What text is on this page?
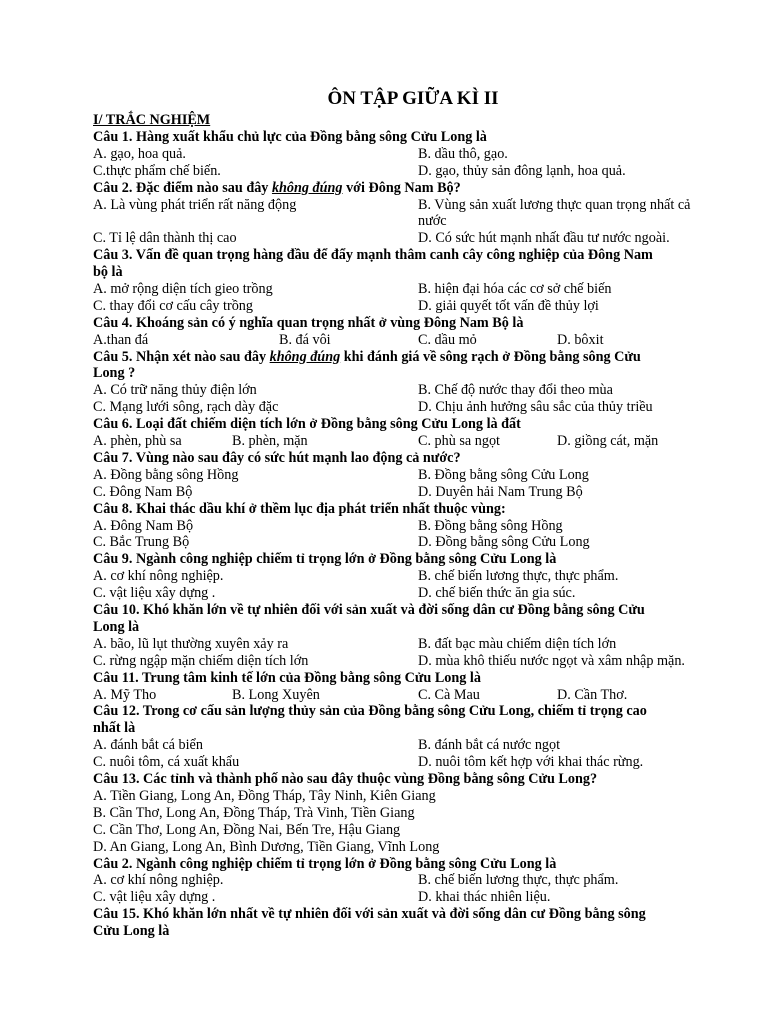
ÔN TẬP GIỮA KÌ II
I/ TRẮC NGHIỆM
Câu 1. Hàng xuất khẩu chủ lực của Đồng bằng sông Cửu Long là
A. gạo, hoa quả.	B. dầu thô, gạo.
C.thực phẩm chế biến.	D. gạo, thủy sản đông lạnh, hoa quả.
Câu 2. Đặc điểm nào sau đây không đúng với Đông Nam Bộ?
A. Là vùng phát triển rất năng động	B. Vùng sản xuất lương thực quan trọng nhất cả nước
C. Tỉ lệ dân thành thị cao	D. Có sức hút mạnh nhất đầu tư nước ngoài.
Câu 3. Vấn đề quan trọng hàng đầu để đẩy mạnh thâm canh cây công nghiệp của Đông Nam
bộ là
A. mở rộng diện tích gieo trồng	B. hiện đại hóa các cơ sở chế biến
C. thay đổi cơ cấu cây trồng	D. giải quyết tốt vấn đề thủy lợi
Câu 4. Khoáng sản có ý nghĩa quan trọng nhất ở vùng Đông Nam Bộ là
A.than đá	B. đá vôi	C. dầu mỏ	D. bôxit
Câu 5. Nhận xét nào sau đây không đúng khi đánh giá về sông rạch ở Đồng bằng sông Cửu
Long ?
A. Có trữ năng thủy điện lớn	B. Chế độ nước thay đổi theo mùa
C. Mạng lưới sông, rạch dày đặc	D. Chịu ảnh hưởng sâu sắc của thủy triều
Câu 6. Loại đất chiếm diện tích lớn ở Đồng bằng sông Cửu Long là đất
A. phèn, phù sa	B. phèn, mặn	C. phù sa ngọt	D. giồng cát, mặn
Câu 7. Vùng nào sau đây có sức hút mạnh lao động cả nước?
A. Đồng bằng sông Hồng	B. Đồng bằng sông Cửu Long
C. Đông Nam Bộ	D. Duyên hải Nam Trung Bộ
Câu 8. Khai thác dầu khí ở thềm lục địa phát triển nhất thuộc vùng:
A. Đông Nam Bộ	B. Đồng bằng sông Hồng
C. Bắc Trung Bộ	D. Đồng bằng sông Cửu Long
Câu 9. Ngành công nghiệp chiếm tỉ trọng lớn ở Đồng bằng sông Cửu Long là
A. cơ khí nông nghiệp.	B. chế biến lương thực, thực phẩm.
C. vật liệu xây dựng .	D. chế biến thức ăn gia súc.
Câu 10. Khó khăn lớn về tự nhiên đối với sản xuất và đời sống dân cư Đồng bằng sông Cửu
Long là
A. bão, lũ lụt thường xuyên xảy ra	B. đất bạc màu chiếm diện tích lớn
C. rừng ngập mặn chiếm diện tích lớn	D. mùa khô thiếu nước ngọt và xâm nhập mặn.
Câu 11. Trung tâm kinh tế lớn của Đồng bằng sông Cửu Long là
A. Mỹ Tho	B. Long Xuyên	C. Cà Mau	D. Cần Thơ.
Câu 12. Trong cơ cấu sản lượng thủy sản của Đồng bằng sông Cửu Long, chiếm tỉ trọng cao
nhất là
A. đánh bắt cá biển	B. đánh bắt cá nước ngọt
C. nuôi tôm, cá xuất khẩu	D. nuôi tôm kết hợp với khai thác rừng.
Câu 13. Các tỉnh và thành phố nào sau đây thuộc vùng Đồng bằng sông Cửu Long?
A. Tiền Giang, Long An, Đồng Tháp, Tây Ninh, Kiên Giang
B. Cần Thơ, Long An, Đồng Tháp, Trà Vinh, Tiền Giang
C. Cần Thơ, Long An, Đồng Nai, Bến Tre, Hậu Giang
D. An Giang, Long An, Bình Dương, Tiền Giang, Vĩnh Long
Câu 2. Ngành công nghiệp chiếm tỉ trọng lớn ở Đồng bằng sông Cửu Long là
A. cơ khí nông nghiệp.	B. chế biến lương thực, thực phẩm.
C. vật liệu xây dựng .	D. khai thác nhiên liệu.
Câu 15. Khó khăn lớn nhất về tự nhiên đối với sản xuất và đời sống dân cư Đồng bằng sông
Cửu Long là
